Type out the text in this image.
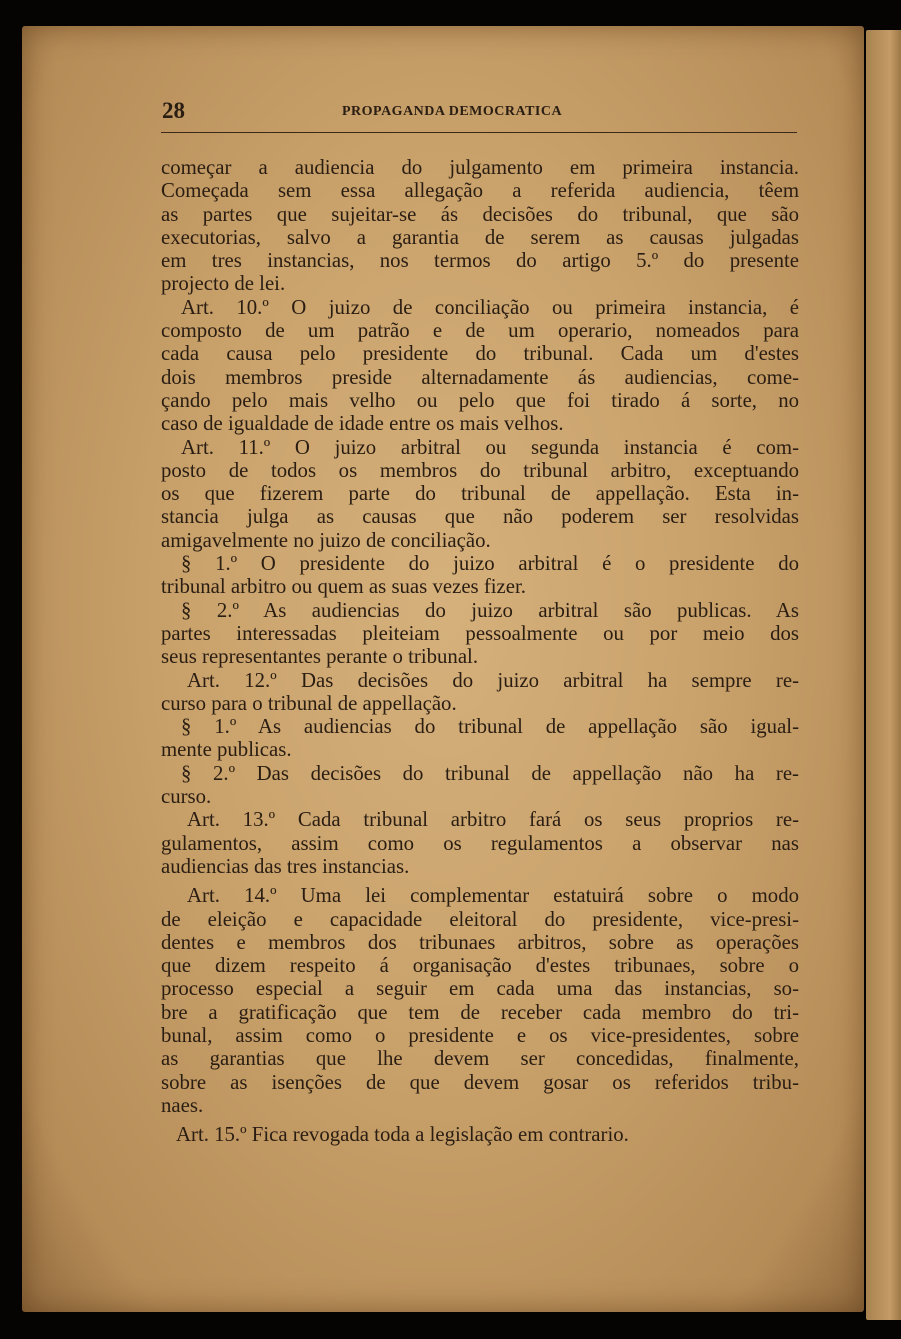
28	PROPAGANDA DEMOCRATICA
começar a audiencia do julgamento em primeira instancia.
Começada sem essa allegação a referida audiencia, têem
as partes que sujeitar-se ás decisões do tribunal, que são
executorias, salvo a garantia de serem as causas julgadas
em tres instancias, nos termos do artigo 5.º do presente
projecto de lei.
Art. 10.º O juizo de conciliação ou primeira instancia, é
composto de um patrão e de um operario, nomeados para
cada causa pelo presidente do tribunal. Cada um d'estes
dois membros preside alternadamente ás audiencias, come-
çando pelo mais velho ou pelo que foi tirado á sorte, no
caso de igualdade de idade entre os mais velhos.
Art. 11.º O juizo arbitral ou segunda instancia é com-
posto de todos os membros do tribunal arbitro, exceptuando
os que fizerem parte do tribunal de appellação. Esta in-
stancia julga as causas que não poderem ser resolvidas
amigavelmente no juizo de conciliação.
§ 1.º O presidente do juizo arbitral é o presidente do
tribunal arbitro ou quem as suas vezes fizer.
§ 2.º As audiencias do juizo arbitral são publicas. As
partes interessadas pleiteiam pessoalmente ou por meio dos
seus representantes perante o tribunal.
Art. 12.º Das decisões do juizo arbitral ha sempre re-
curso para o tribunal de appellação.
§ 1.º As audiencias do tribunal de appellação são igual-
mente publicas.
§ 2.º Das decisões do tribunal de appellação não ha re-
curso.
Art. 13.º Cada tribunal arbitro fará os seus proprios re-
gulamentos, assim como os regulamentos a observar nas
audiencias das tres instancias.
Art. 14.º Uma lei complementar estatuirá sobre o modo
de eleição e capacidade eleitoral do presidente, vice-presi-
dentes e membros dos tribunaes arbitros, sobre as operações
que dizem respeito á organisação d'estes tribunaes, sobre o
processo especial a seguir em cada uma das instancias, so-
bre a gratificação que tem de receber cada membro do tri-
bunal, assim como o presidente e os vice-presidentes, sobre
as garantias que lhe devem ser concedidas, finalmente,
sobre as isenções de que devem gosar os referidos tribu-
naes.
Art. 15.º Fica revogada toda a legislação em contrario.
